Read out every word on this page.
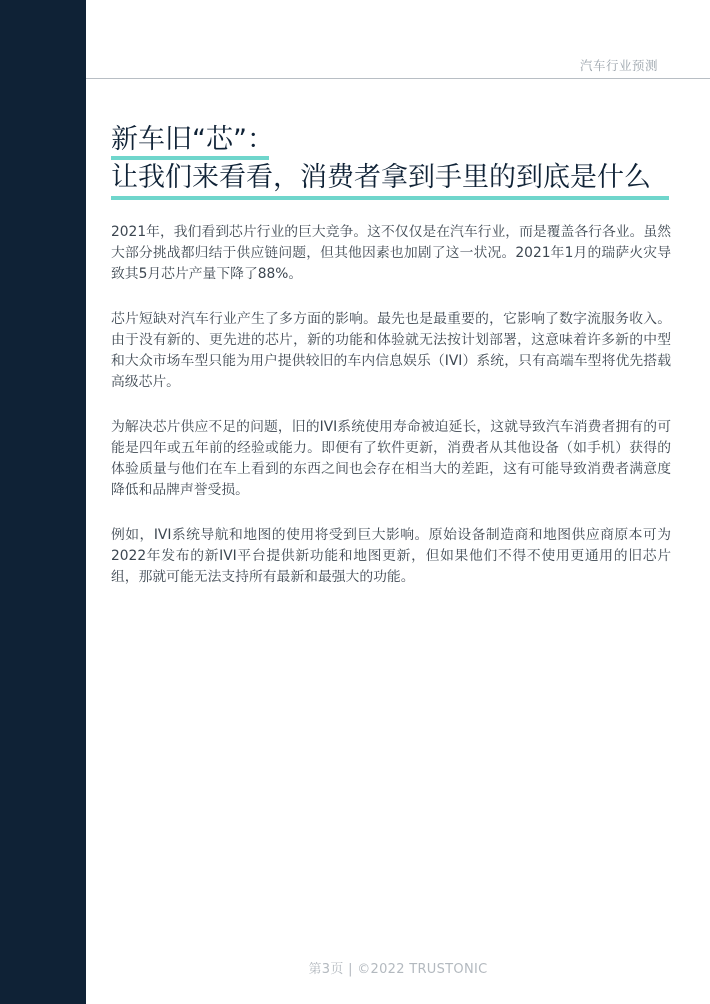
汽车行业预测
新车旧“芯”：
让我们来看看，消费者拿到手里的到底是什么

2021年，我们看到芯片行业的巨大竞争。这不仅仅是在汽车行业，而是覆盖各行各业。虽然大部分挑战都归结于供应链问题，但其他因素也加剧了这一状况。2021年1月的瑞萨火灾导致其5月芯片产量下降了88%。

芯片短缺对汽车行业产生了多方面的影响。最先也是最重要的，它影响了数字流服务收入。由于没有新的、更先进的芯片，新的功能和体验就无法按计划部署，这意味着许多新的中型和大众市场车型只能为用户提供较旧的车内信息娱乐（IVI）系统，只有高端车型将优先搭载高级芯片。

为解决芯片供应不足的问题，旧的IVI系统使用寿命被迫延长，这就导致汽车消费者拥有的可能是四年或五年前的经验或能力。即便有了软件更新，消费者从其他设备（如手机）获得的体验质量与他们在车上看到的东西之间也会存在相当大的差距，这有可能导致消费者满意度降低和品牌声誉受损。

例如，IVI系统导航和地图的使用将受到巨大影响。原始设备制造商和地图供应商原本可为2022年发布的新IVI平台提供新功能和地图更新，但如果他们不得不使用更通用的旧芯片组，那就可能无法支持所有最新和最强大的功能。

第3页 | ©2022 TRUSTONIC
